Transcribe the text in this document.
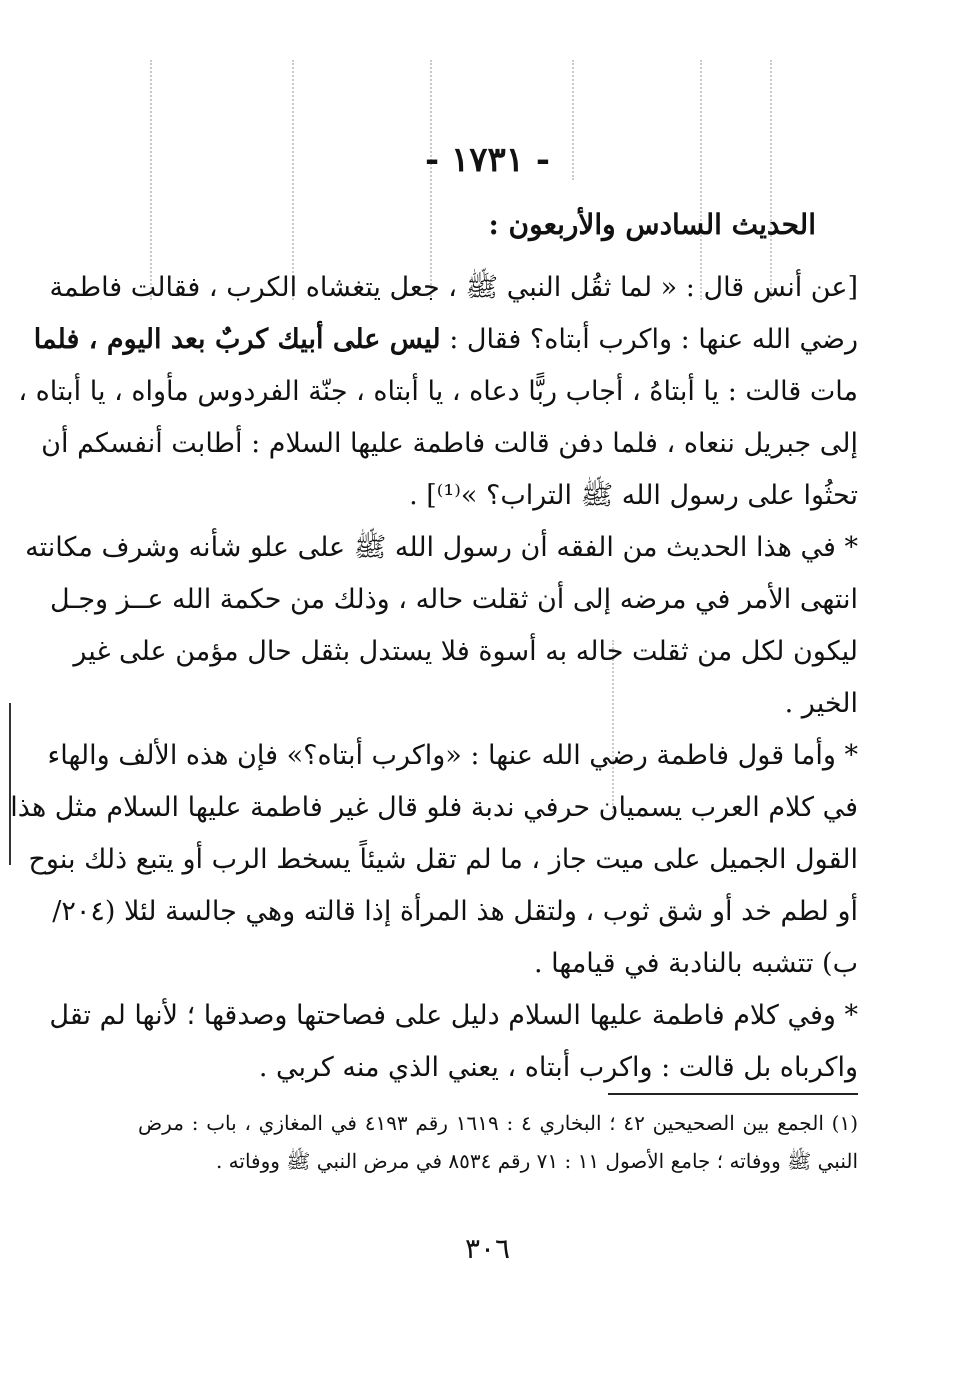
- ١٧٣١ -
الحديث السادس والأربعون :
[عن أنس قال : « لما ثقُل النبي ﷺ ، جعل يتغشاه الكرب ، فقالت فاطمة
رضي الله عنها : واكرب أبتاه؟ فقال : ليس على أبيك كربٌ بعد اليوم ، فلما
مات قالت : يا أبتاهُ ، أجاب ربًّا دعاه ، يا أبتاه ، جنّة الفردوس مأواه ، يا أبتاه ،
إلى جبريل ننعاه ، فلما دفن قالت فاطمة عليها السلام : أطابت أنفسكم أن
تحثُوا على رسول الله ﷺ التراب؟ »⁽¹⁾] .
* في هذا الحديث من الفقه أن رسول الله ﷺ على علو شأنه وشرف مكانته
انتهى الأمر في مرضه إلى أن ثقلت حاله ، وذلك من حكمة الله عــز وجـل
ليكون لكل من ثقلت حاله به أسوة فلا يستدل بثقل حال مؤمن على غير
الخير .
* وأما قول فاطمة رضي الله عنها : «واكرب أبتاه؟» فإن هذه الألف والهاء
في كلام العرب يسميان حرفي ندبة فلو قال غير فاطمة عليها السلام مثل هذا
القول الجميل على ميت جاز ، ما لم تقل شيئاً يسخط الرب أو يتبع ذلك بنوح
أو لطم خد أو شق ثوب ، ولتقل هذ المرأة إذا قالته وهي جالسة لئلا (٢٠٤/
ب) تتشبه بالنادبة في قيامها .
* وفي كلام فاطمة عليها السلام دليل على فصاحتها وصدقها ؛ لأنها لم تقل
واكرباه بل قالت : واكرب أبتاه ، يعني الذي منه كربي .
(١) الجمع بين الصحيحين ٤٢ ؛ البخاري ٤ : ١٦١٩ رقم ٤١٩٣ في المغازي ، باب : مرض
النبي ﷺ ووفاته ؛ جامع الأصول ١١ : ٧١ رقم ٨٥٣٤ في مرض النبي ﷺ ووفاته .
٣٠٦
